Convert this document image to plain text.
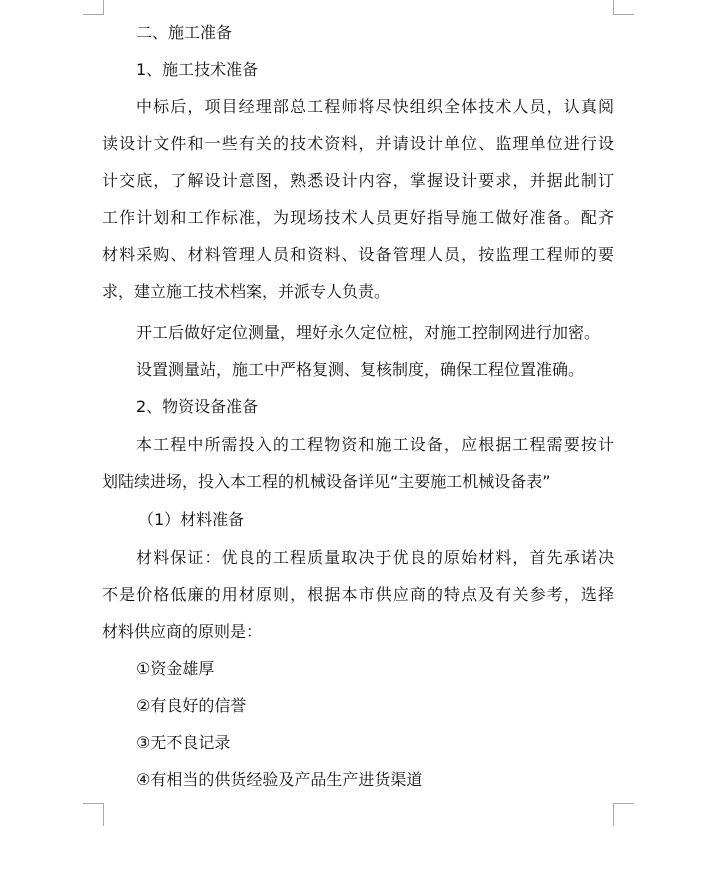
二、施工准备
1、施工技术准备
中标后，项目经理部总工程师将尽快组织全体技术人员，认真阅
读设计文件和一些有关的技术资料，并请设计单位、监理单位进行设
计交底，了解设计意图，熟悉设计内容，掌握设计要求，并据此制订
工作计划和工作标准，为现场技术人员更好指导施工做好准备。配齐
材料采购、材料管理人员和资料、设备管理人员，按监理工程师的要
求，建立施工技术档案，并派专人负责。
开工后做好定位测量，埋好永久定位桩，对施工控制网进行加密。
设置测量站，施工中严格复测、复核制度，确保工程位置准确。
2、物资设备准备
本工程中所需投入的工程物资和施工设备，应根据工程需要按计
划陆续进场，投入本工程的机械设备详见“主要施工机械设备表”
（1）材料准备
材料保证：优良的工程质量取决于优良的原始材料，首先承诺决
不是价格低廉的用材原则，根据本市供应商的特点及有关参考，选择
材料供应商的原则是：
①资金雄厚
②有良好的信誉
③无不良记录
④有相当的供货经验及产品生产进货渠道
